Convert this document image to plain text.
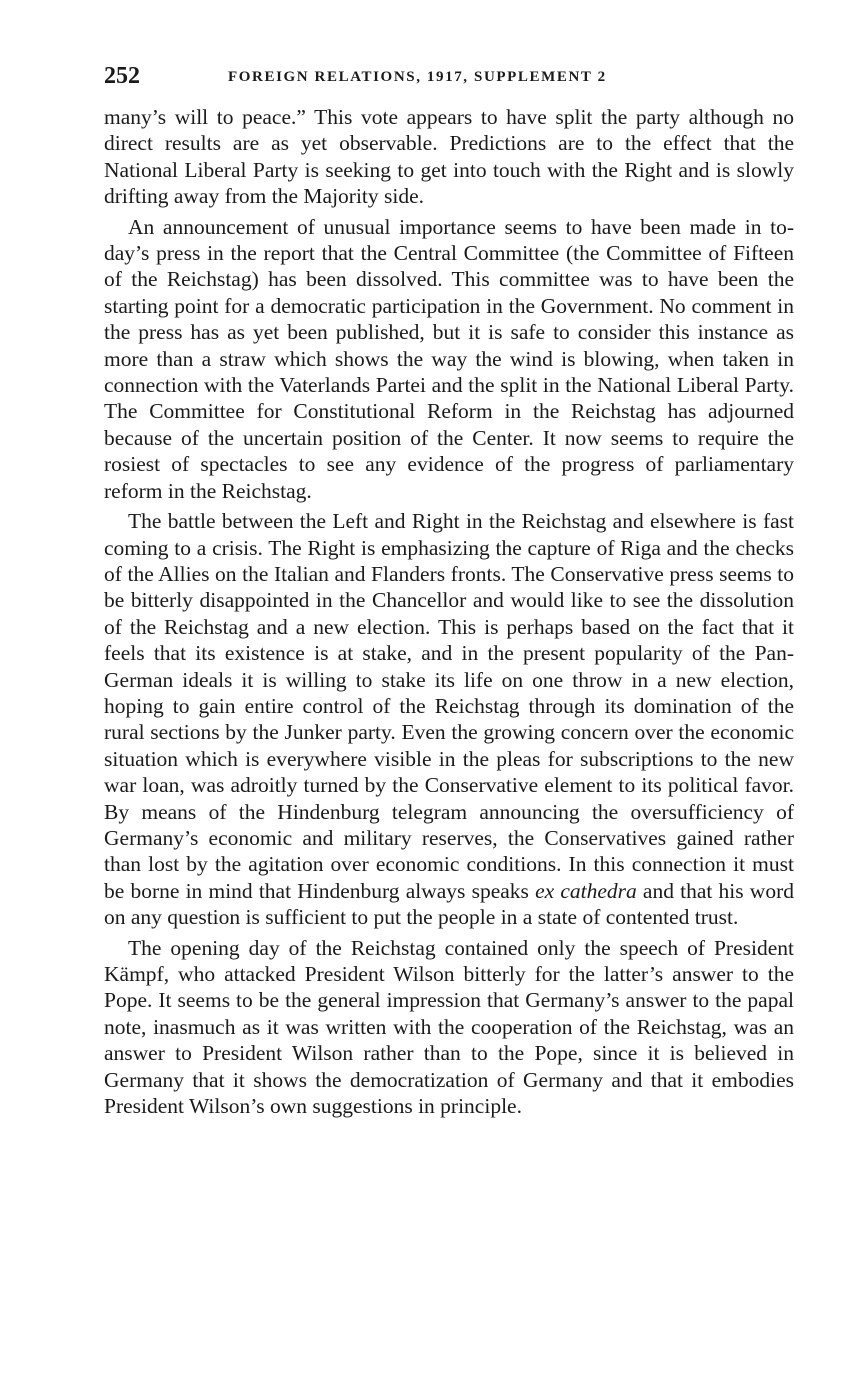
252	FOREIGN RELATIONS, 1917, SUPPLEMENT 2

many’s will to peace.” This vote appears to have split the party although no direct results are as yet observable. Predictions are to the effect that the National Liberal Party is seeking to get into touch with the Right and is slowly drifting away from the Majority side.

An announcement of unusual importance seems to have been made in to-day’s press in the report that the Central Committee (the Committee of Fifteen of the Reichstag) has been dissolved. This committee was to have been the starting point for a democratic participation in the Government. No comment in the press has as yet been published, but it is safe to consider this instance as more than a straw which shows the way the wind is blowing, when taken in connection with the Vaterlands Partei and the split in the National Liberal Party. The Committee for Constitutional Reform in the Reichstag has adjourned because of the uncertain position of the Center. It now seems to require the rosiest of spectacles to see any evidence of the progress of parliamentary reform in the Reichstag.

The battle between the Left and Right in the Reichstag and elsewhere is fast coming to a crisis. The Right is emphasizing the capture of Riga and the checks of the Allies on the Italian and Flanders fronts. The Conservative press seems to be bitterly disappointed in the Chancellor and would like to see the dissolution of the Reichstag and a new election. This is perhaps based on the fact that it feels that its existence is at stake, and in the present popularity of the Pan-German ideals it is willing to stake its life on one throw in a new election, hoping to gain entire control of the Reichstag through its domination of the rural sections by the Junker party. Even the growing concern over the economic situation which is everywhere visible in the pleas for subscriptions to the new war loan, was adroitly turned by the Conservative element to its political favor. By means of the Hindenburg telegram announcing the oversufficiency of Germany’s economic and military reserves, the Conservatives gained rather than lost by the agitation over economic conditions. In this connection it must be borne in mind that Hindenburg always speaks ex cathedra and that his word on any question is sufficient to put the people in a state of contented trust.

The opening day of the Reichstag contained only the speech of President Kämpf, who attacked President Wilson bitterly for the latter’s answer to the Pope. It seems to be the general impression that Germany’s answer to the papal note, inasmuch as it was written with the cooperation of the Reichstag, was an answer to President Wilson rather than to the Pope, since it is believed in Germany that it shows the democratization of Germany and that it embodies President Wilson’s own suggestions in principle.
